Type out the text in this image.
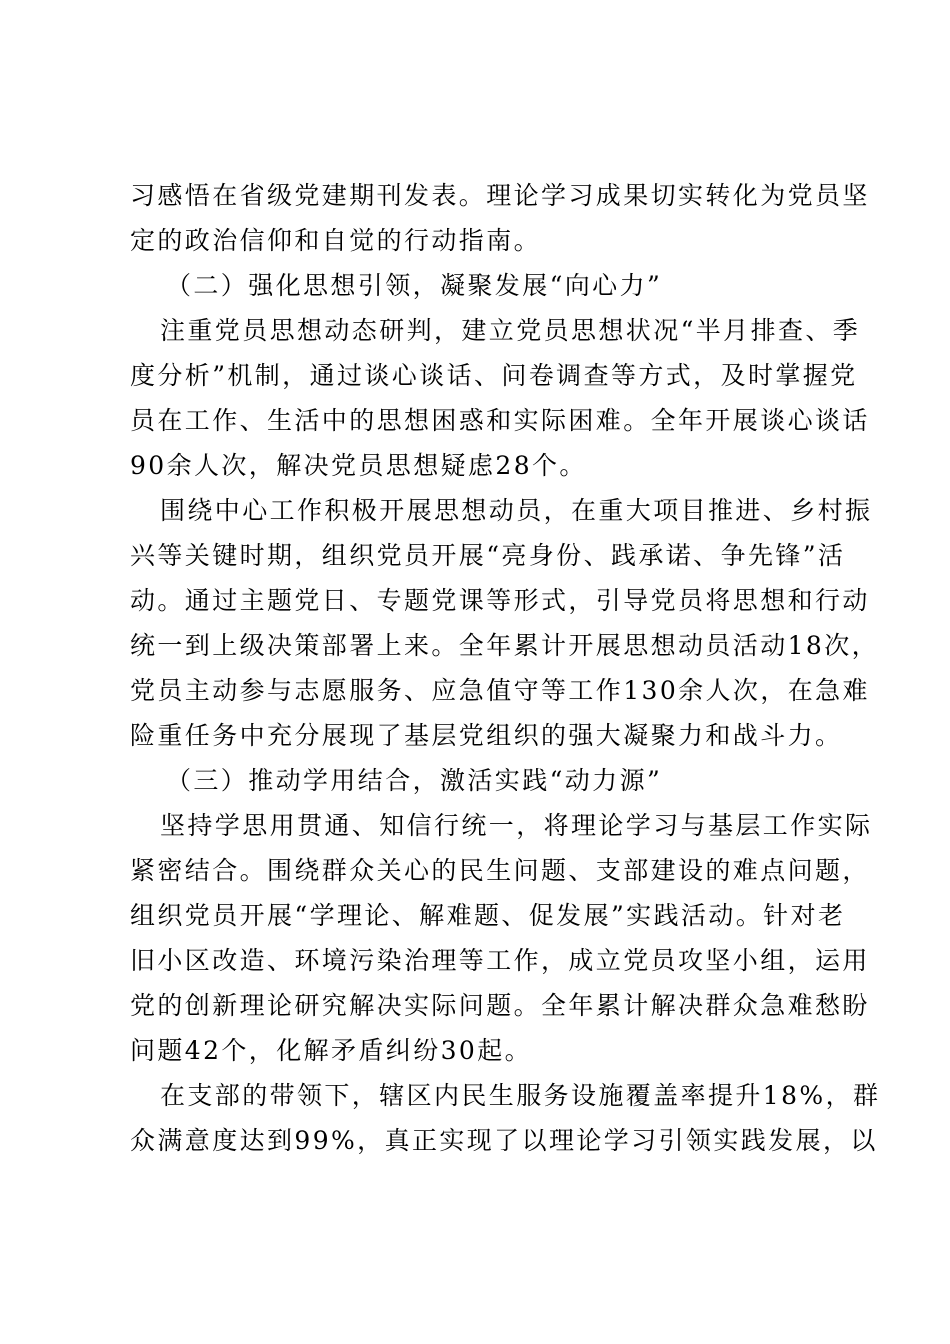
习感悟在省级党建期刊发表。理论学习成果切实转化为党员坚
定的政治信仰和自觉的行动指南。
（二）强化思想引领，凝聚发展“向心力”
注重党员思想动态研判，建立党员思想状况“半月排查、季
度分析”机制，通过谈心谈话、问卷调查等方式，及时掌握党
员在工作、生活中的思想困惑和实际困难。全年开展谈心谈话
90余人次，解决党员思想疑虑28个。
围绕中心工作积极开展思想动员，在重大项目推进、乡村振
兴等关键时期，组织党员开展“亮身份、践承诺、争先锋”活
动。通过主题党日、专题党课等形式，引导党员将思想和行动
统一到上级决策部署上来。全年累计开展思想动员活动18次，
党员主动参与志愿服务、应急值守等工作130余人次，在急难
险重任务中充分展现了基层党组织的强大凝聚力和战斗力。
（三）推动学用结合，激活实践“动力源”
坚持学思用贯通、知信行统一，将理论学习与基层工作实际
紧密结合。围绕群众关心的民生问题、支部建设的难点问题，
组织党员开展“学理论、解难题、促发展”实践活动。针对老
旧小区改造、环境污染治理等工作，成立党员攻坚小组，运用
党的创新理论研究解决实际问题。全年累计解决群众急难愁盼
问题42个，化解矛盾纠纷30起。
在支部的带领下，辖区内民生服务设施覆盖率提升18%，群
众满意度达到99%，真正实现了以理论学习引领实践发展，以
